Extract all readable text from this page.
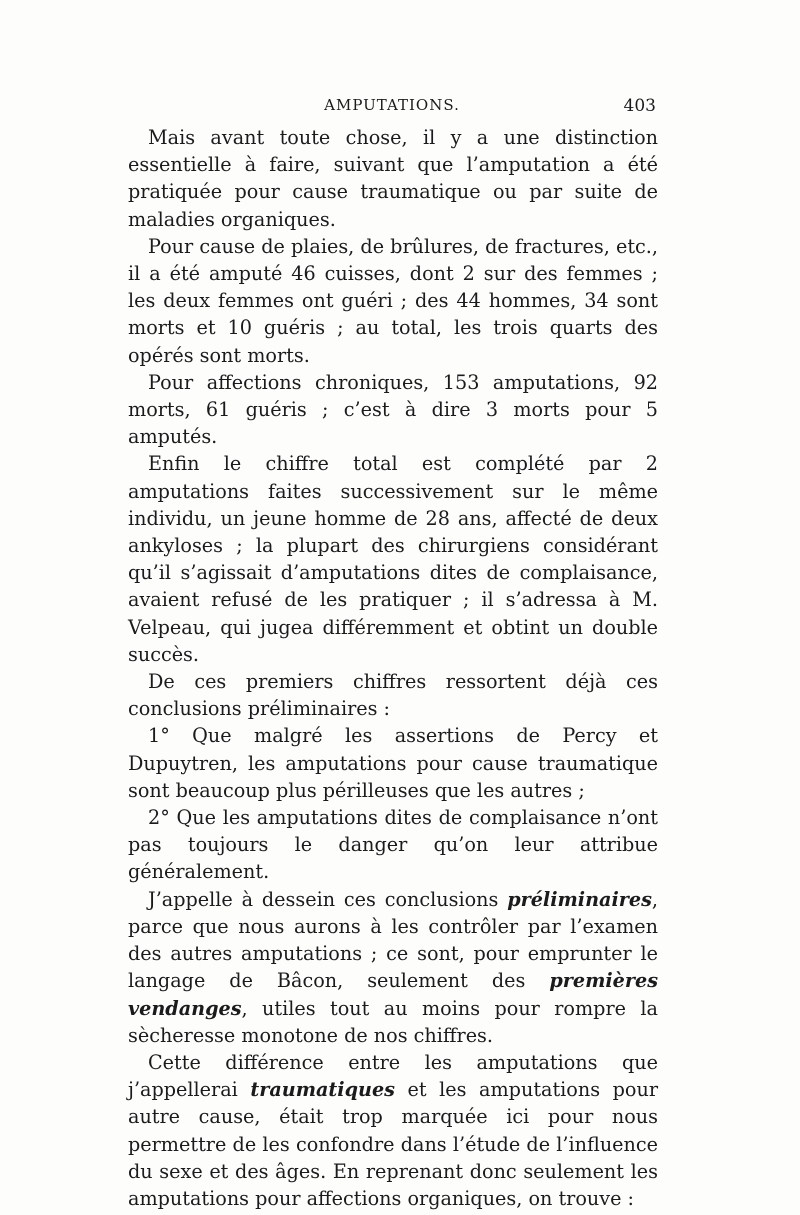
AMPUTATIONS.	403

Mais avant toute chose, il y a une distinction essentielle à faire, suivant que l’amputation a été pratiquée pour cause traumatique ou par suite de maladies organiques.

Pour cause de plaies, de brûlures, de fractures, etc., il a été amputé 46 cuisses, dont 2 sur des femmes ; les deux femmes ont guéri ; des 44 hommes, 34 sont morts et 10 guéris ; au total, les trois quarts des opérés sont morts.

Pour affections chroniques, 153 amputations, 92 morts, 61 guéris ; c’est à dire 3 morts pour 5 amputés.

Enfin le chiffre total est complété par 2 amputations faites successivement sur le même individu, un jeune homme de 28 ans, affecté de deux ankyloses ; la plupart des chirurgiens considérant qu’il s’agissait d’amputations dites de complaisance, avaient refusé de les pratiquer ; il s’adressa à M. Velpeau, qui jugea différemment et obtint un double succès.

De ces premiers chiffres ressortent déjà ces conclusions préliminaires :

1° Que malgré les assertions de Percy et Dupuytren, les amputations pour cause traumatique sont beaucoup plus périlleuses que les autres ;

2° Que les amputations dites de complaisance n’ont pas toujours le danger qu’on leur attribue généralement.

J’appelle à dessein ces conclusions préliminaires, parce que nous aurons à les contrôler par l’examen des autres amputations ; ce sont, pour emprunter le langage de Bâcon, seulement des premières vendanges, utiles tout au moins pour rompre la sècheresse monotone de nos chiffres.

Cette différence entre les amputations que j’appellerai traumatiques et les amputations pour autre cause, était trop marquée ici pour nous permettre de les confondre dans l’étude de l’influence du sexe et des âges. En reprenant donc seulement les amputations pour affections organiques, on trouve :
